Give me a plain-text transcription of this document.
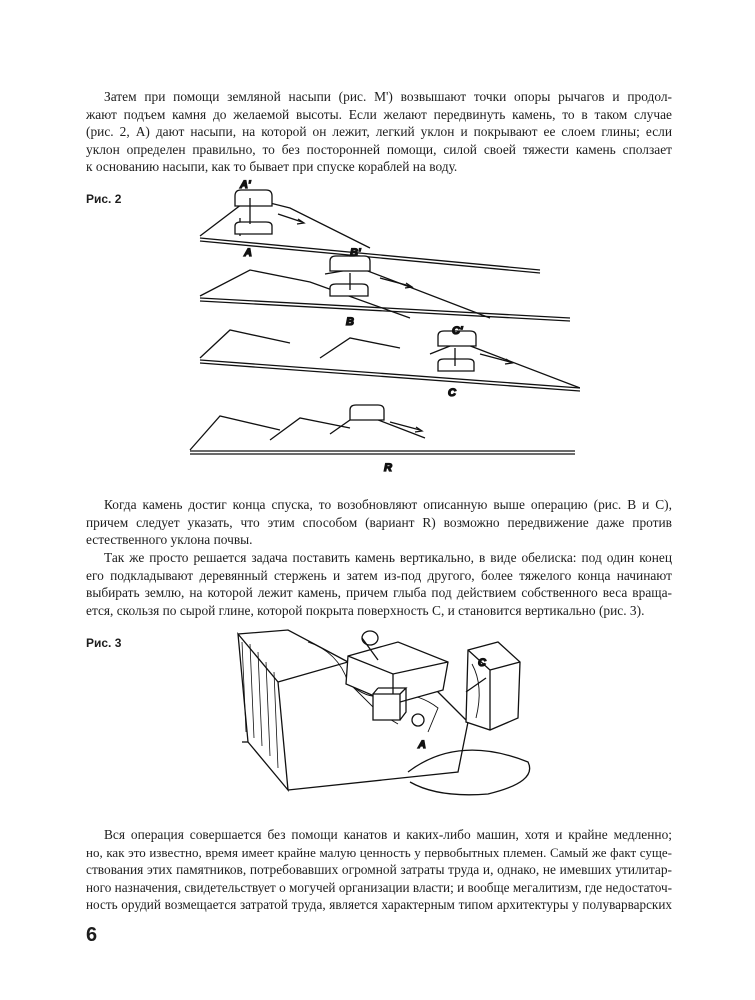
Затем при помощи земляной насыпи (рис. M') возвышают точки опоры рычагов и продол-
жают подъем камня до желаемой высоты. Если желают передвинуть камень, то в таком случае
(рис. 2, А) дают насыпи, на которой он лежит, легкий уклон и покрывают ее слоем глины; если
уклон определен правильно, то без посторонней помощи, силой своей тяжести камень сползает
к основанию насыпи, как то бывает при спуске кораблей на воду.
Рис. 2
A'
A	B'
B
C'
C
R
Когда камень достиг конца спуска, то возобновляют описанную выше операцию (рис. B и C),
причем следует указать, что этим способом (вариант R) возможно передвижение даже против
естественного уклона почвы.
Так же просто решается задача поставить камень вертикально, в виде обелиска: под один конец
его подкладывают деревянный стержень и затем из-под другого, более тяжелого конца начинают
выбирать землю, на которой лежит камень, причем глыба под действием собственного веса враща-
ется, скользя по сырой глине, которой покрыта поверхность C, и становится вертикально (рис. 3).
Рис. 3
C
A
Вся операция совершается без помощи канатов и каких-либо машин, хотя и крайне медленно;
но, как это известно, время имеет крайне малую ценность у первобытных племен. Самый же факт суще-
ствования этих памятников, потребовавших огромной затраты труда и, однако, не имевших утилитар-
ного назначения, свидетельствует о могучей организации власти; и вообще мегалитизм, где недостаточ-
ность орудий возмещается затратой труда, является характерным типом архитектуры у полуварварских
6
